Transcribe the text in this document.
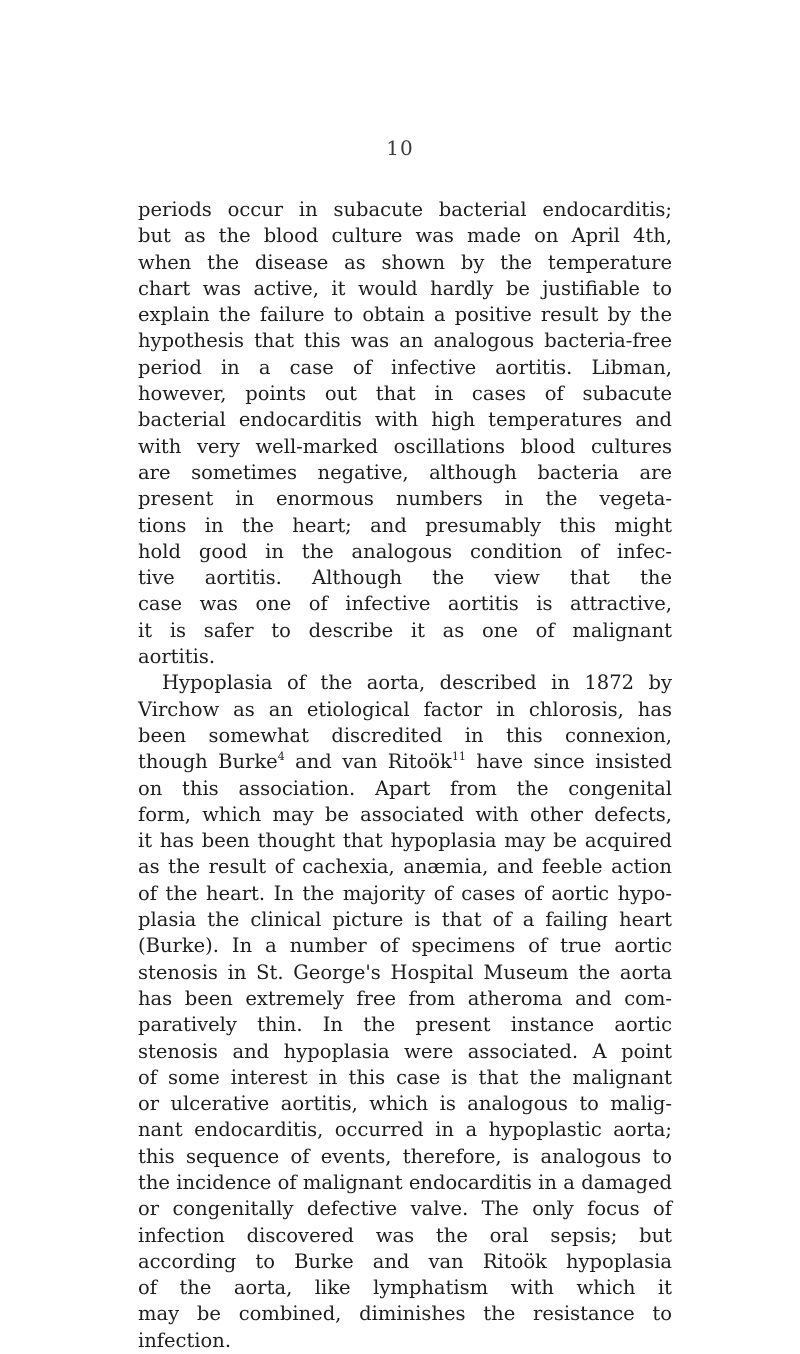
10

periods occur in subacute bacterial endocarditis;
but as the blood culture was made on April 4th,
when the disease as shown by the temperature
chart was active, it would hardly be justifiable to
explain the failure to obtain a positive result by the
hypothesis that this was an analogous bacteria-free
period in a case of infective aortitis. Libman,
however, points out that in cases of subacute
bacterial endocarditis with high temperatures and
with very well-marked oscillations blood cultures
are sometimes negative, although bacteria are
present in enormous numbers in the vegeta-
tions in the heart; and presumably this might
hold good in the analogous condition of infec-
tive aortitis. Although the view that the
case was one of infective aortitis is attractive,
it is safer to describe it as one of malignant
aortitis.

Hypoplasia of the aorta, described in 1872 by
Virchow as an etiological factor in chlorosis, has
been somewhat discredited in this connexion,
though Burke$^4$ and van Ritoök$^{11}$ have since insisted
on this association. Apart from the congenital
form, which may be associated with other defects,
it has been thought that hypoplasia may be acquired
as the result of cachexia, anæmia, and feeble action
of the heart. In the majority of cases of aortic hypo-
plasia the clinical picture is that of a failing heart
(Burke). In a number of specimens of true aortic
stenosis in St. George's Hospital Museum the aorta
has been extremely free from atheroma and com-
paratively thin. In the present instance aortic
stenosis and hypoplasia were associated. A point
of some interest in this case is that the malignant
or ulcerative aortitis, which is analogous to malig-
nant endocarditis, occurred in a hypoplastic aorta;
this sequence of events, therefore, is analogous to
the incidence of malignant endocarditis in a damaged
or congenitally defective valve. The only focus of
infection discovered was the oral sepsis; but
according to Burke and van Ritoök hypoplasia
of the aorta, like lymphatism with which it
may be combined, diminishes the resistance to
infection.
